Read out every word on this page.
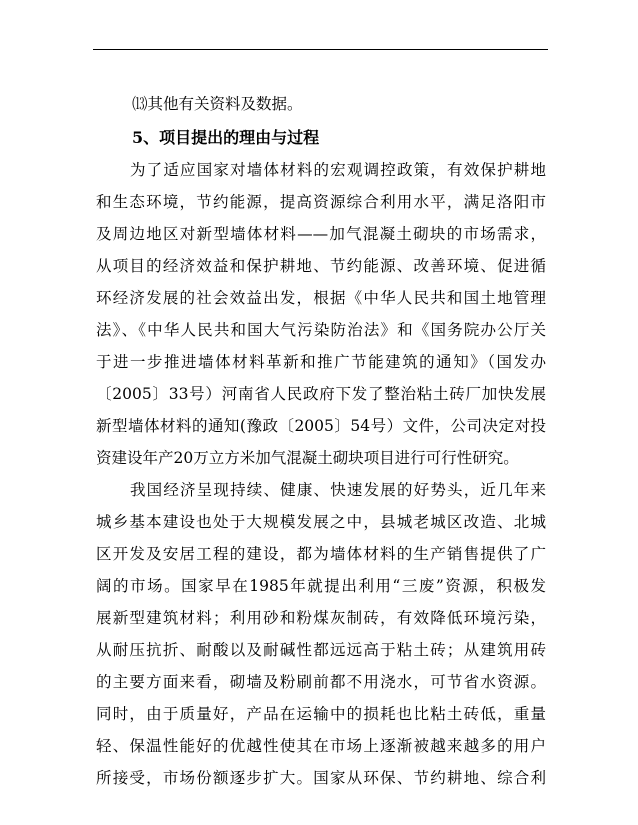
⒀其他有关资料及数据。

5、项目提出的理由与过程
为了适应国家对墙体材料的宏观调控政策，有效保护耕地
和生态环境，节约能源，提高资源综合利用水平，满足洛阳市
及周边地区对新型墙体材料——加气混凝土砌块的市场需求，
从项目的经济效益和保护耕地、节约能源、改善环境、促进循
环经济发展的社会效益出发，根据《中华人民共和国土地管理
法》、《中华人民共和国大气污染防治法》和《国务院办公厅关
于进一步推进墙体材料革新和推广节能建筑的通知》（国发办
〔2005〕33号）河南省人民政府下发了整治粘土砖厂加快发展
新型墙体材料的通知(豫政〔2005〕54号）文件，公司决定对投
资建设年产20万立方米加气混凝土砌块项目进行可行性研究。
我国经济呈现持续、健康、快速发展的好势头，近几年来
城乡基本建设也处于大规模发展之中，县城老城区改造、北城
区开发及安居工程的建设，都为墙体材料的生产销售提供了广
阔的市场。国家早在1985年就提出利用“三废”资源，积极发
展新型建筑材料；利用砂和粉煤灰制砖，有效降低环境污染，
从耐压抗折、耐酸以及耐碱性都远远高于粘土砖；从建筑用砖
的主要方面来看，砌墙及粉刷前都不用浇水，可节省水资源。
同时，由于质量好，产品在运输中的损耗也比粘土砖低，重量
轻、保温性能好的优越性使其在市场上逐渐被越来越多的用户
所接受，市场份额逐步扩大。国家从环保、节约耕地、综合利
